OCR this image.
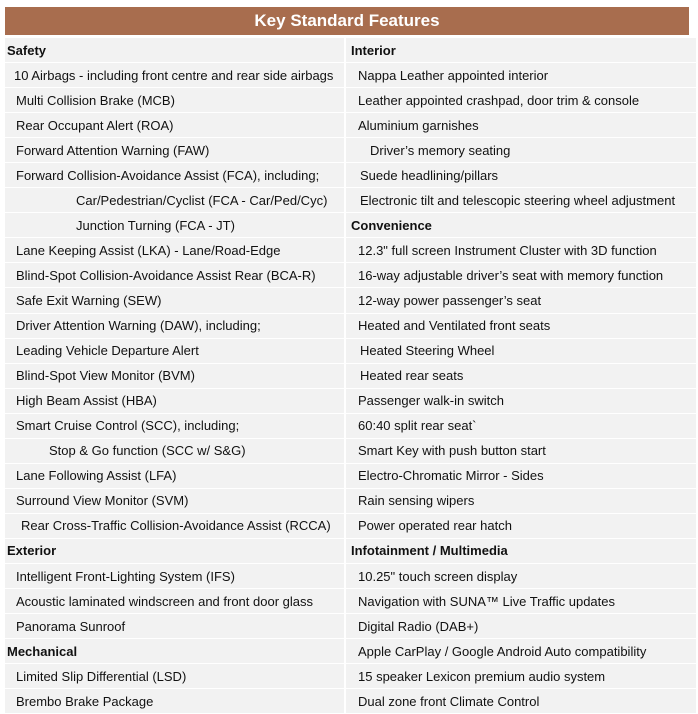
Key Standard Features
Safety	Interior
10 Airbags - including front centre and rear side airbags	Nappa Leather appointed interior
Multi Collision Brake (MCB)	Leather appointed crashpad, door trim & console
Rear Occupant Alert (ROA)	Aluminium garnishes
Forward Attention Warning (FAW)	Driver’s memory seating
Forward Collision-Avoidance Assist (FCA), including;	Suede headlining/pillars
Car/Pedestrian/Cyclist (FCA - Car/Ped/Cyc)	Electronic tilt and telescopic steering wheel adjustment
Junction Turning (FCA - JT)	Convenience
Lane Keeping Assist (LKA) - Lane/Road-Edge	12.3" full screen Instrument Cluster with 3D function
Blind-Spot Collision-Avoidance Assist Rear (BCA-R)	16-way adjustable driver’s seat with memory function
Safe Exit Warning (SEW)	12-way power passenger’s seat
Driver Attention Warning (DAW), including;	Heated and Ventilated front seats
Leading Vehicle Departure Alert	Heated Steering Wheel
Blind-Spot View Monitor (BVM)	Heated rear seats
High Beam Assist (HBA)	Passenger walk-in switch
Smart Cruise Control (SCC), including;	60:40 split rear seat`
Stop & Go function (SCC w/ S&G)	Smart Key with push button start
Lane Following Assist (LFA)	Electro-Chromatic Mirror - Sides
Surround View Monitor (SVM)	Rain sensing wipers
Rear Cross-Traffic Collision-Avoidance Assist (RCCA)	Power operated rear hatch
Exterior	Infotainment / Multimedia
Intelligent Front-Lighting System (IFS)	10.25" touch screen display
Acoustic laminated windscreen and front door glass	Navigation with SUNA™ Live Traffic updates
Panorama Sunroof	Digital Radio (DAB+)
Mechanical	Apple CarPlay / Google Android Auto compatibility
Limited Slip Differential (LSD)	15 speaker Lexicon premium audio system
Brembo Brake Package	Dual zone front Climate Control
